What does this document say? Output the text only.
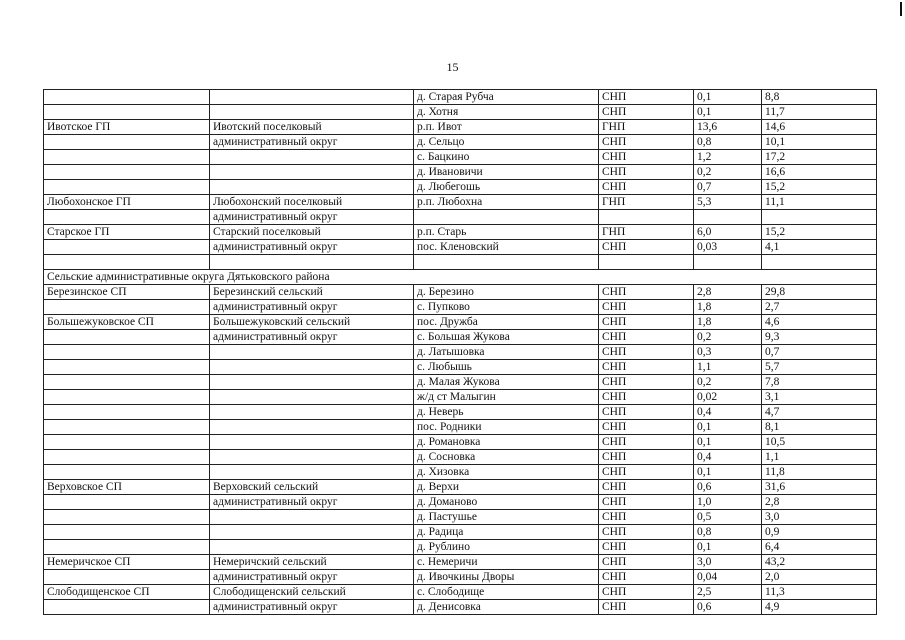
15
		д. Старая Рубча	СНП	0,1	8,8
		д. Хотня	СНП	0,1	11,7
Ивотское ГП	Ивотский поселковый	р.п. Ивот	ГНП	13,6	14,6
	административный округ	д. Сельцо	СНП	0,8	10,1
		с. Бацкино	СНП	1,2	17,2
		д. Ивановичи	СНП	0,2	16,6
		д. Любегошь	СНП	0,7	15,2
Любохонское ГП	Любохонский поселковый	р.п. Любохна	ГНП	5,3	11,1
	административный округ				
Старское ГП	Старский поселковый	р.п. Старь	ГНП	6,0	15,2
	административный округ	пос. Кленовский	СНП	0,03	4,1

Сельские административные округа Дятьковского района					
Березинское СП	Березинский сельский	д. Березино	СНП	2,8	29,8
	административный округ	с. Пупково	СНП	1,8	2,7
Большежуковское СП	Большежуковский сельский	пос. Дружба	СНП	1,8	4,6
	административный округ	с. Большая Жукова	СНП	0,2	9,3
		д. Латышовка	СНП	0,3	0,7
		с. Любышь	СНП	1,1	5,7
		д. Малая Жукова	СНП	0,2	7,8
		ж/д ст Малыгин	СНП	0,02	3,1
		д. Неверь	СНП	0,4	4,7
		пос. Родники	СНП	0,1	8,1
		д. Романовка	СНП	0,1	10,5
		д. Сосновка	СНП	0,4	1,1
		д. Хизовка	СНП	0,1	11,8
Верховское СП	Верховский сельский	д. Верхи	СНП	0,6	31,6
	административный округ	д. Доманово	СНП	1,0	2,8
		д. Пастушье	СНП	0,5	3,0
		д. Радица	СНП	0,8	0,9
		д. Рублино	СНП	0,1	6,4
Немеричское СП	Немеричский сельский	с. Немеричи	СНП	3,0	43,2
	административный округ	д. Ивочкины Дворы	СНП	0,04	2,0
Слободищенское СП	Слободищенский сельский	с. Слободище	СНП	2,5	11,3
	административный округ	д. Денисовка	СНП	0,6	4,9
